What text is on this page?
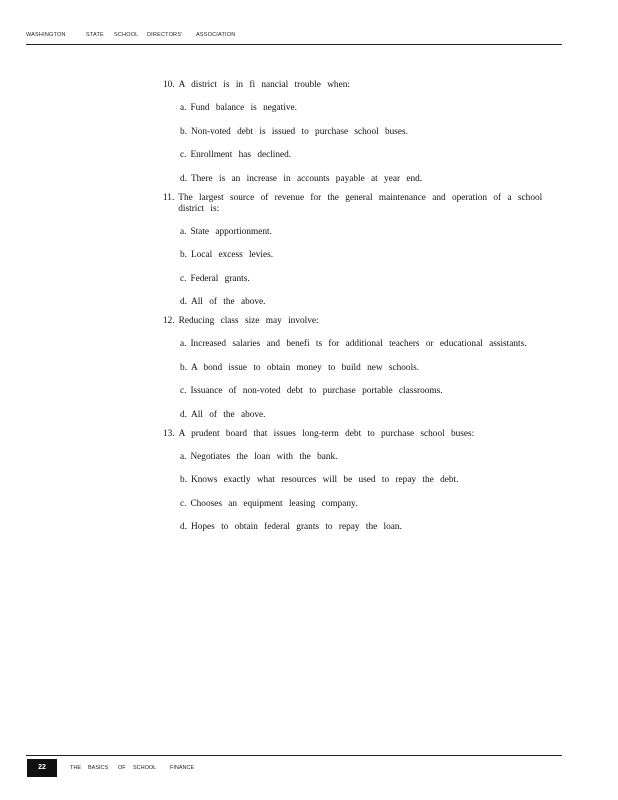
WASHINGTON	STATE SCHOOL DIRECTORS' ASSOCIATION
10. A district is in fi nancial trouble when:
a. Fund balance is negative.
b. Non-voted debt is issued to purchase school buses.
c. Enrollment has declined.
d. There is an increase in accounts payable at year end.
11. The largest source of revenue for the general maintenance and operation of a school district is:
a. State apportionment.
b. Local excess levies.
c. Federal grants.
d. All of the above.
12. Reducing class size may involve:
a. Increased salaries and benefi ts for additional teachers or educational assistants.
b. A bond issue to obtain money to build new schools.
c. Issuance of non-voted debt to purchase portable classrooms.
d. All of the above.
13. A prudent board that issues long-term debt to purchase school buses:
a. Negotiates the loan with the bank.
b. Knows exactly what resources will be used to repay the debt.
c. Chooses an equipment leasing company.
d. Hopes to obtain federal grants to repay the loan.
22	THE BASICS OF SCHOOL	FINANCE
